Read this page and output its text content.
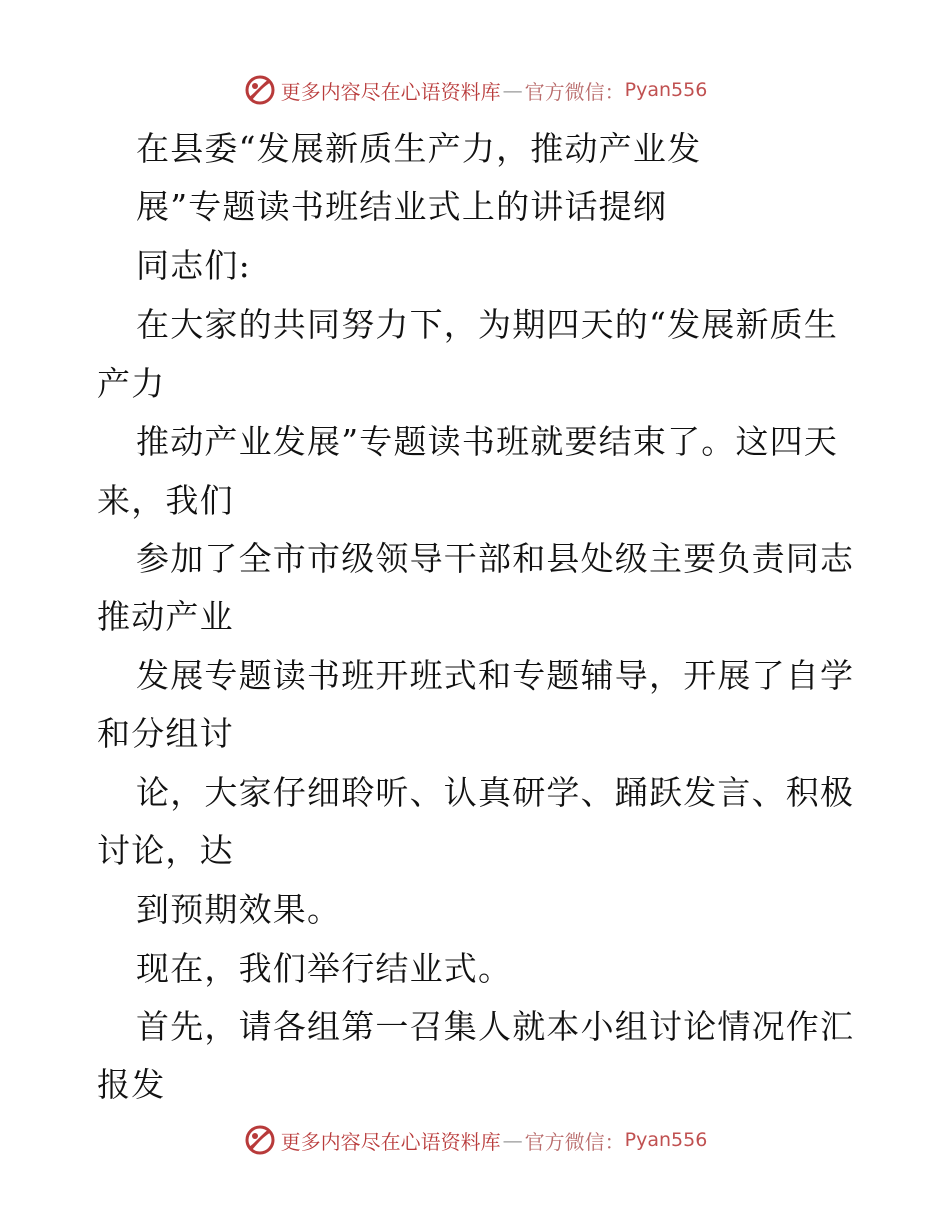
更多内容尽在心语资料库 — 官方微信： Pyan556
在县委“发展新质生产力，推动产业发
展”专题读书班结业式上的讲话提纲
同志们:
在大家的共同努力下，为期四天的“发展新质生
产力
推动产业发展”专题读书班就要结束了。这四天
来，我们
参加了全市市级领导干部和县处级主要负责同志
推动产业
发展专题读书班开班式和专题辅导，开展了自学
和分组讨
论，大家仔细聆听、认真研学、踊跃发言、积极
讨论，达
到预期效果。
现在，我们举行结业式。
首先，请各组第一召集人就本小组讨论情况作汇
报发
更多内容尽在心语资料库 — 官方微信： Pyan556
